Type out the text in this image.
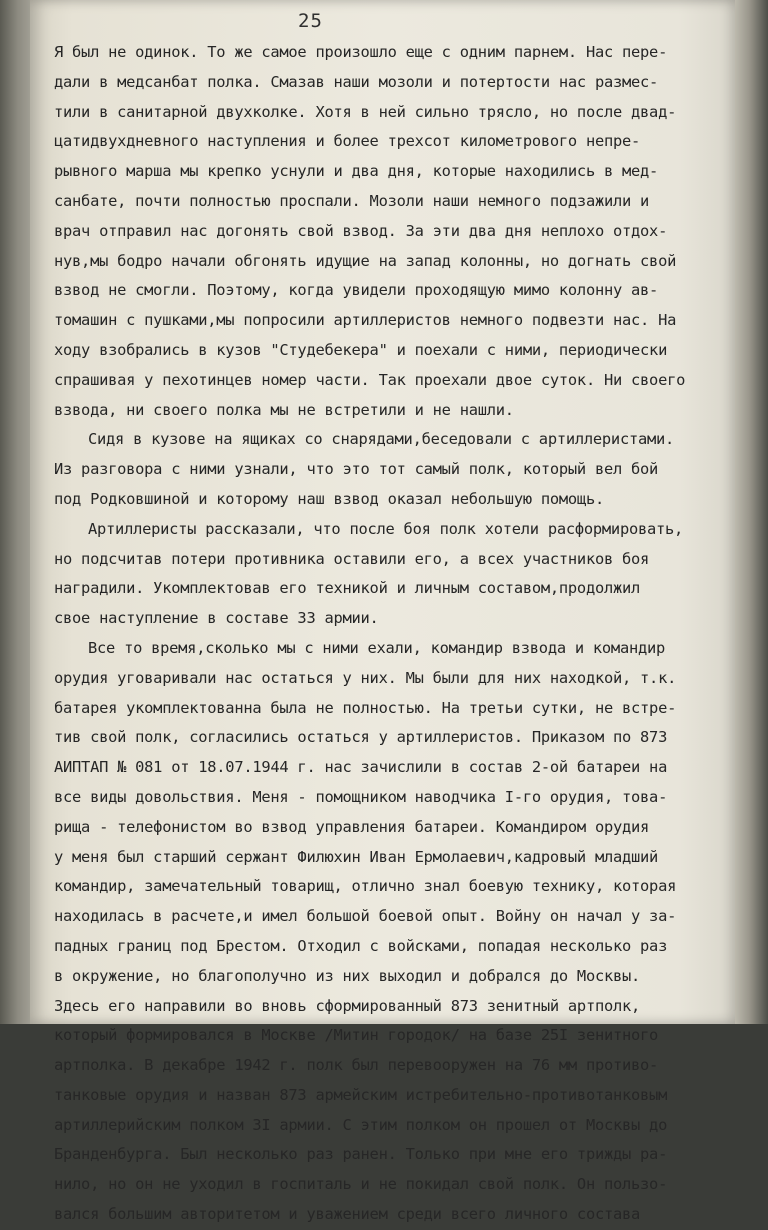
25
Я был не одинок. То же самое произошло еще с одним парнем. Нас пере-
дали в медсанбат полка. Смазав наши мозоли и потертости нас размес-
тили в санитарной двухколке. Хотя в ней сильно трясло, но после двад-
цатидвухдневного наступления и более трехсот километрового непре-
рывного марша мы крепко уснули и два дня, которые находились в мед-
санбате, почти полностью проспали. Мозоли наши немного подзажили и
врач отправил нас догонять свой взвод. За эти два дня неплохо отдох-
нув,мы бодро начали обгонять идущие на запад колонны, но догнать свой
взвод не смогли. Поэтому, когда увидели проходящую мимо колонну ав-
томашин с пушками,мы попросили артиллеристов немного подвезти нас. На
ходу взобрались в кузов "Студебекера" и поехали с ними, периодически
спрашивая у пехотинцев номер части. Так проехали двое суток. Ни своего
взвода, ни своего полка мы не встретили и не нашли.
Сидя в кузове на ящиках со снарядами,беседовали с артиллеристами.
Из разговора с ними узнали, что это тот самый полк, который вел бой
под Родковшиной и которому наш взвод оказал небольшую помощь.
Артиллеристы рассказали, что после боя полк хотели расформировать,
но подсчитав потери противника оставили его, а всех участников боя
наградили. Укомплектовав его техникой и личным составом,продолжил
свое наступление в составе 33 армии.
Все то время,сколько мы с ними ехали, командир взвода и командир
орудия уговаривали нас остаться у них. Мы были для них находкой, т.к.
батарея укомплектованна была не полностью. На третьи сутки, не встре-
тив свой полк, согласились остаться у артиллеристов. Приказом по 873
АИПТАП № 081 от 18.07.1944 г. нас зачислили в состав 2-ой батареи на
все виды довольствия. Меня - помощником наводчика I-го орудия, това-
рища - телефонистом во взвод управления батареи. Командиром орудия
у меня был старший сержант Филюхин Иван Ермолаевич,кадровый младший
командир, замечательный товарищ, отлично знал боевую технику, которая
находилась в расчете,и имел большой боевой опыт. Войну он начал у за-
падных границ под Брестом. Отходил с войсками, попадая несколько раз
в окружение, но благополучно из них выходил и добрался до Москвы.
Здесь его направили во вновь сформированный 873 зенитный артполк,
который формировался в Москве /Митин городок/ на базе 25I зенитного
артполка. В декабре 1942 г. полк был перевооружен на 76 мм противо-
танковые орудия и назван 873 армейским истребительно-противотанковым
артиллерийским полком 3I армии. С этим полком он прошел от Москвы до
Бранденбурга. Был несколько раз ранен. Только при мне его трижды ра-
нило, но он не уходил в госпиталь и не покидал свой полк. Он пользо-
вался большим авторитетом и уважением среди всего личного состава
